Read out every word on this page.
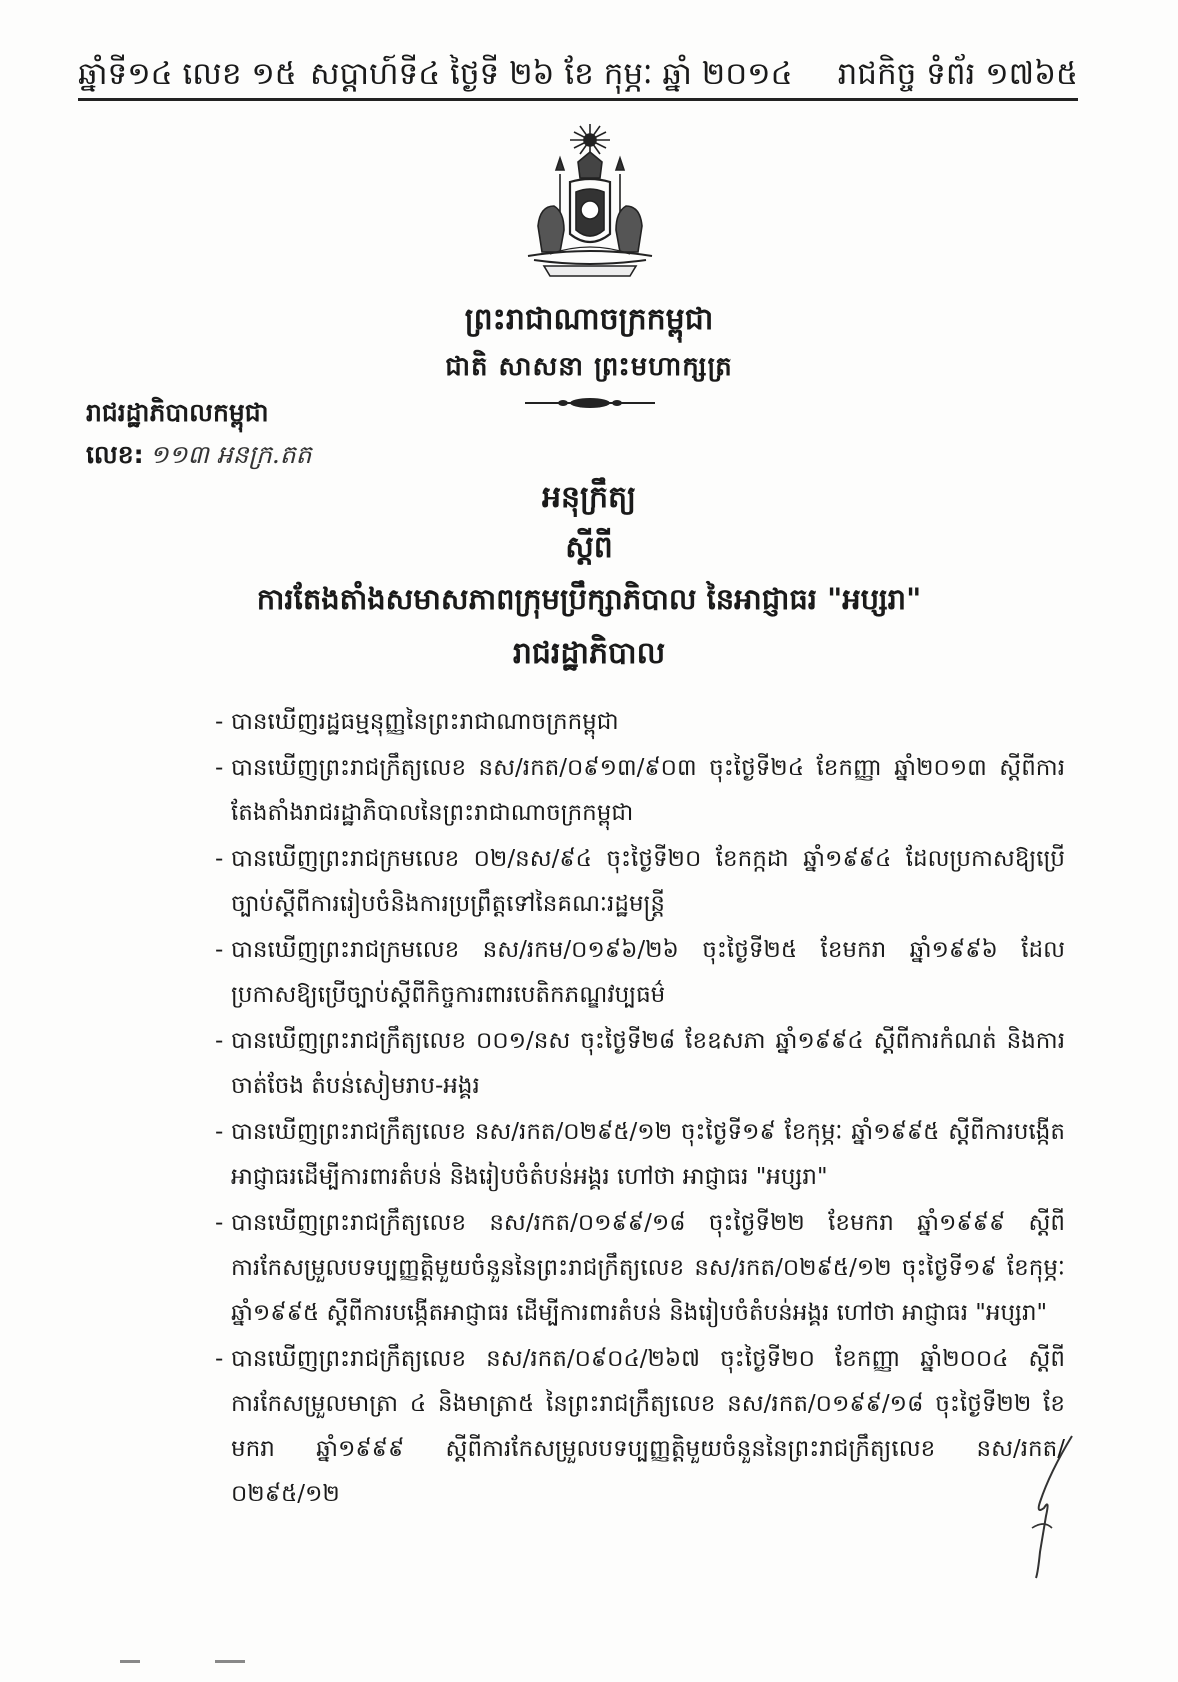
ឆ្នាំទី១៤ លេខ ១៥ សប្ដាហ៍ទី៤ ថ្ងៃទី ២៦ ខែ កុម្ភៈ ឆ្នាំ ២០១៤ រាជកិច្ច ទំព័រ ១៧៦៥
ព្រះរាជាណាចក្រកម្ពុជា
ជាតិ សាសនា ព្រះមហាក្សត្រ
រាជរដ្ឋាភិបាលកម្ពុជា
លេខ: ១១៣ អនក្រ.តត
អនុក្រឹត្យ
ស្ដីពី
ការតែងតាំងសមាសភាពក្រុមប្រឹក្សាភិបាល នៃអាជ្ញាធរ "អប្សរា"
រាជរដ្ឋាភិបាល
- បានឃើញរដ្ឋធម្មនុញ្ញនៃព្រះរាជាណាចក្រកម្ពុជា
- បានឃើញព្រះរាជក្រឹត្យលេខ នស/រកត/០៩១៣/៩០៣ ចុះថ្ងៃទី២៤ ខែកញ្ញា ឆ្នាំ២០១៣ ស្ដីពីការតែងតាំងរាជរដ្ឋាភិបាលនៃព្រះរាជាណាចក្រកម្ពុជា
- បានឃើញព្រះរាជក្រមលេខ ០២/នស/៩៤ ចុះថ្ងៃទី២០ ខែកក្កដា ឆ្នាំ១៩៩៤ ដែលប្រកាសឱ្យប្រើច្បាប់ស្ដីពីការរៀបចំនិងការប្រព្រឹត្តទៅនៃគណៈរដ្ឋមន្ត្រី
- បានឃើញព្រះរាជក្រមលេខ នស/រកម/០១៩៦/២៦ ចុះថ្ងៃទី២៥ ខែមករា ឆ្នាំ១៩៩៦ ដែលប្រកាសឱ្យប្រើច្បាប់ស្ដីពីកិច្ចការពារបេតិកភណ្ឌវប្បធម៌
- បានឃើញព្រះរាជក្រឹត្យលេខ ០០១/នស ចុះថ្ងៃទី២៨ ខែឧសភា ឆ្នាំ១៩៩៤ ស្ដីពីការកំណត់ និងការចាត់ចែង តំបន់សៀមរាប-អង្គរ
- បានឃើញព្រះរាជក្រឹត្យលេខ នស/រកត/០២៩៥/១២ ចុះថ្ងៃទី១៩ ខែកុម្ភៈ ឆ្នាំ១៩៩៥ ស្ដីពីការបង្កើតអាជ្ញាធរដើម្បីការពារតំបន់ និងរៀបចំតំបន់អង្គរ ហៅថា អាជ្ញាធរ "អប្សរា"
- បានឃើញព្រះរាជក្រឹត្យលេខ នស/រកត/០១៩៩/១៨ ចុះថ្ងៃទី២២ ខែមករា ឆ្នាំ១៩៩៩ ស្ដីពីការកែសម្រួលបទប្បញ្ញត្តិមួយចំនួននៃព្រះរាជក្រឹត្យលេខ នស/រកត/០២៩៥/១២ ចុះថ្ងៃទី១៩ ខែកុម្ភៈ ឆ្នាំ១៩៩៥ ស្ដីពីការបង្កើតអាជ្ញាធរ ដើម្បីការពារតំបន់ និងរៀបចំតំបន់អង្គរ ហៅថា អាជ្ញាធរ "អប្សរា"
- បានឃើញព្រះរាជក្រឹត្យលេខ នស/រកត/០៩០៤/២៦៧ ចុះថ្ងៃទី២០ ខែកញ្ញា ឆ្នាំ២០០៤ ស្ដីពីការកែសម្រួលមាត្រា ៤ និងមាត្រា៥ នៃព្រះរាជក្រឹត្យលេខ នស/រកត/០១៩៩/១៨ ចុះថ្ងៃទី២២ ខែមករា ឆ្នាំ១៩៩៩ ស្ដីពីការកែសម្រួលបទប្បញ្ញត្តិមួយចំនួននៃព្រះរាជក្រឹត្យលេខ នស/រកត/០២៩៥/១២
